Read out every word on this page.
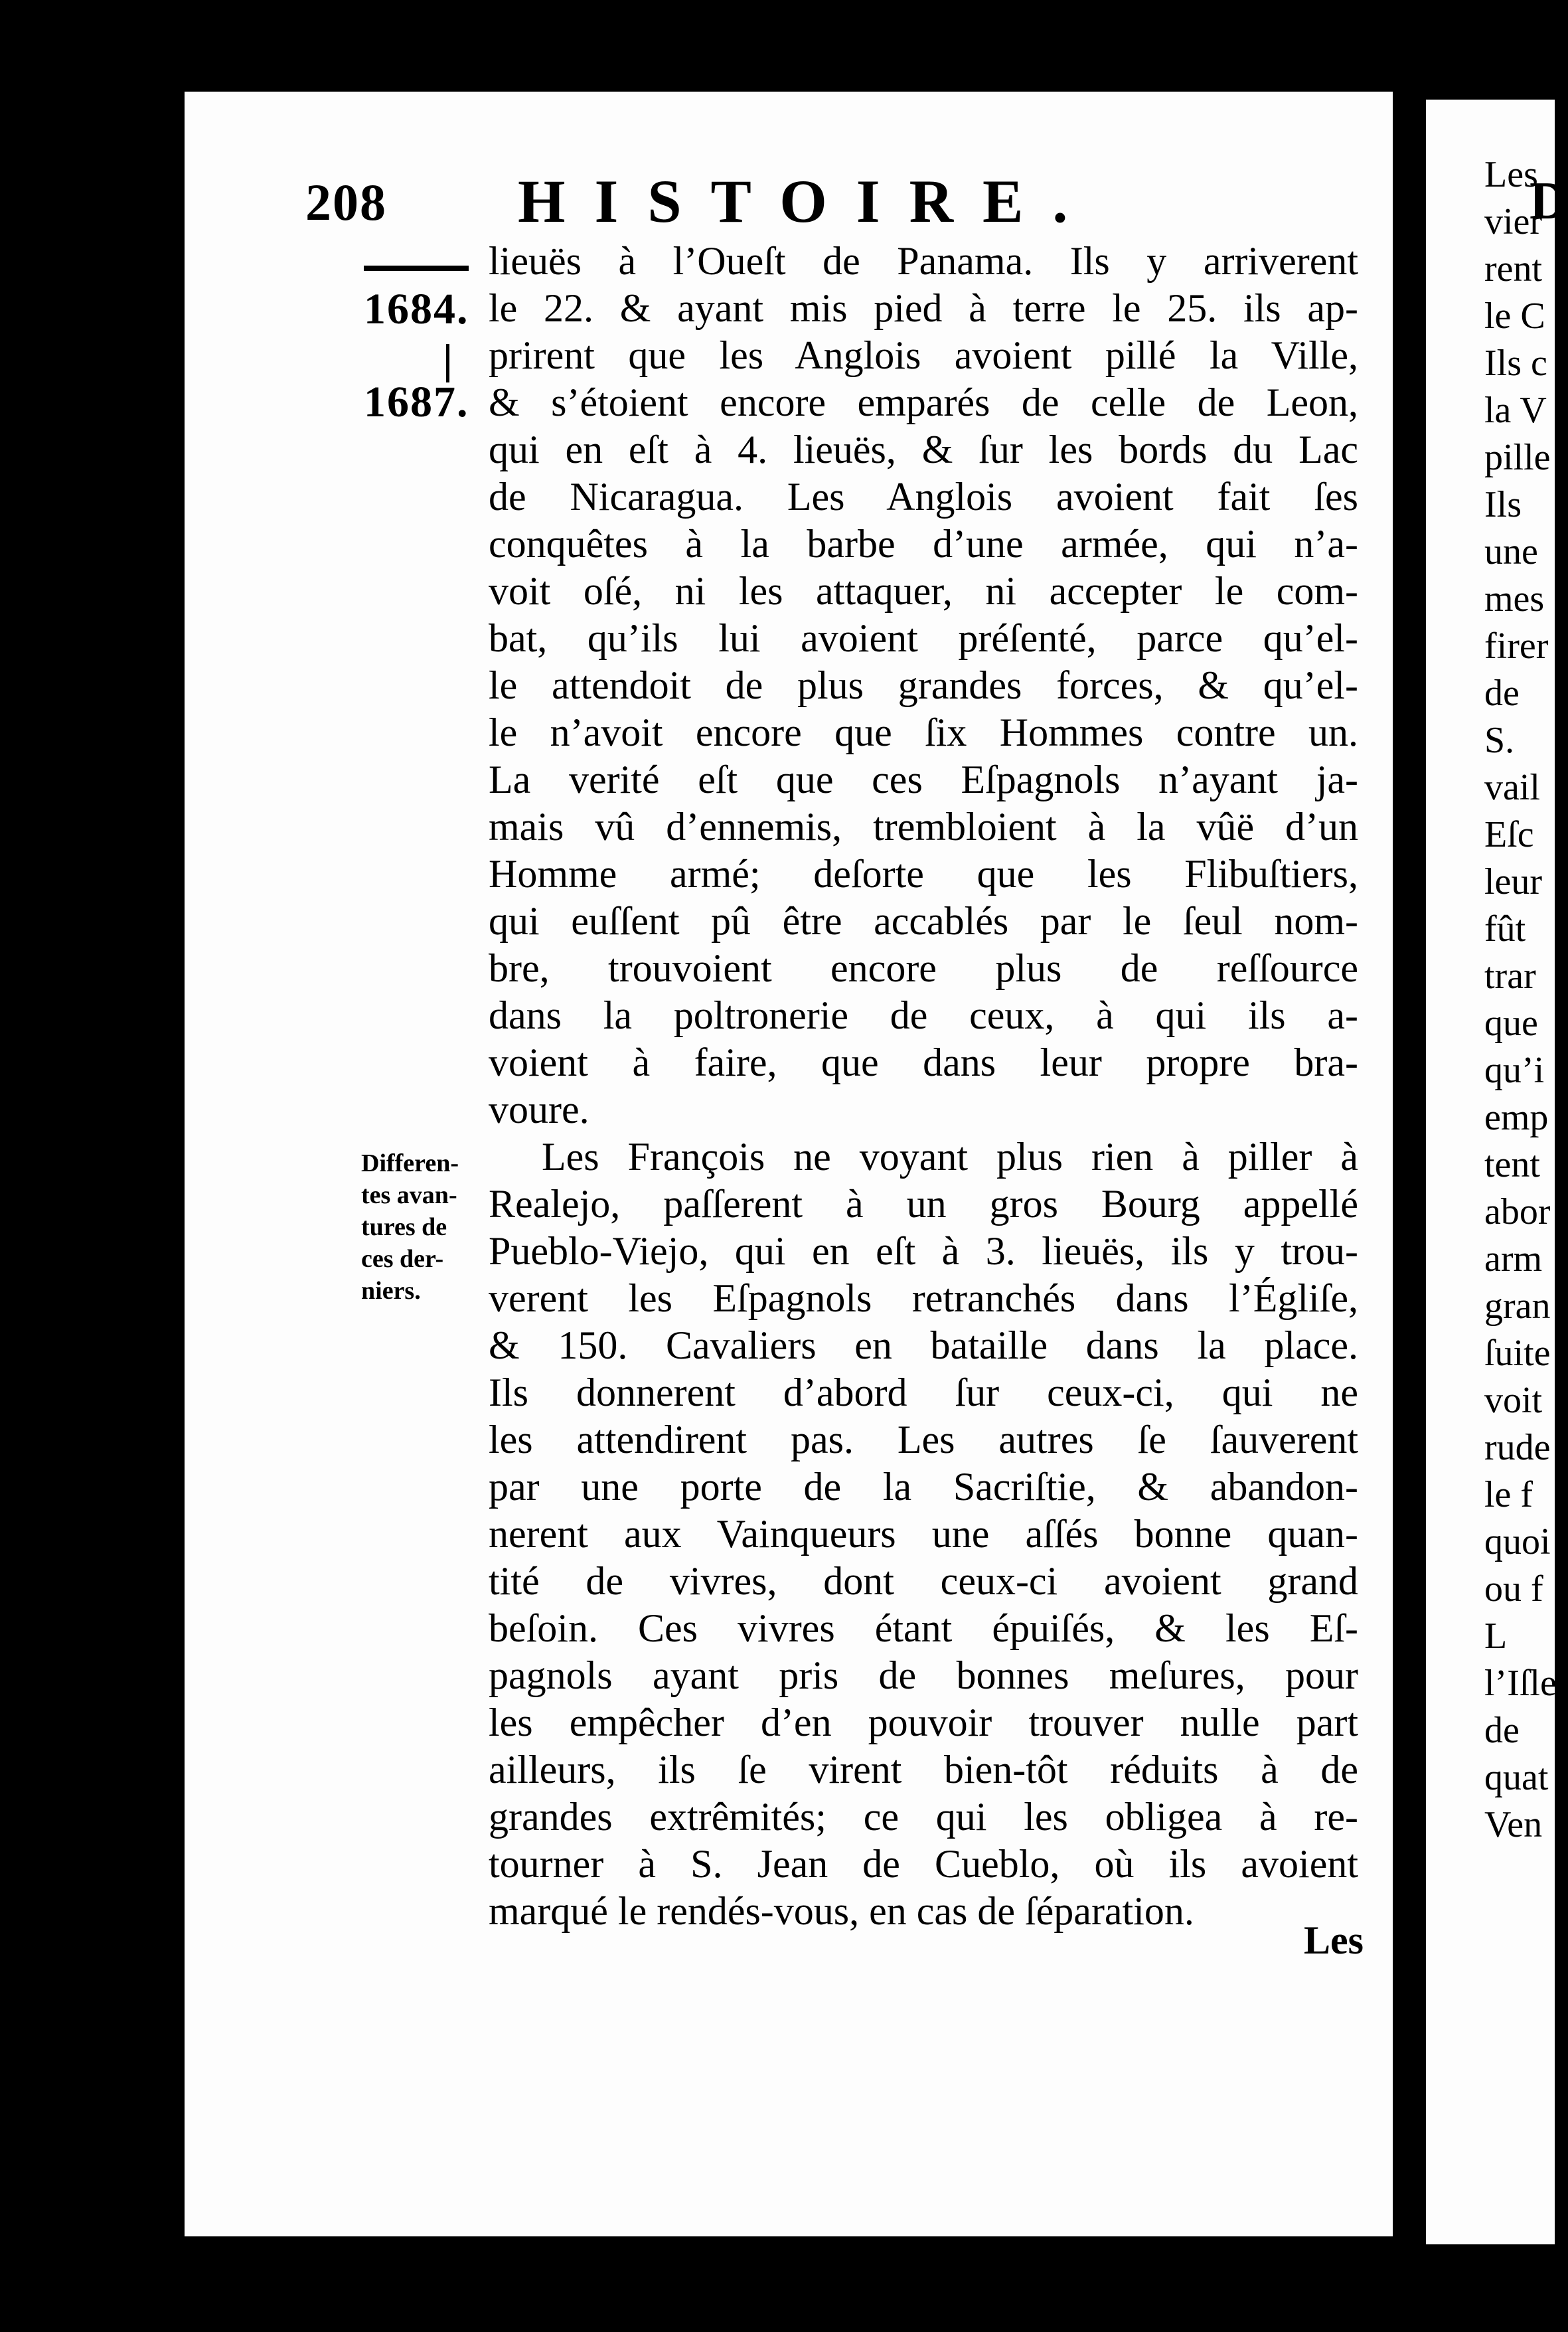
208 HISTOIRE.
1684.
1687.
lieuës à l’Oueſt de Panama. Ils y arriverent
le 22. & ayant mis pied à terre le 25. ils ap-
prirent que les Anglois avoient pillé la Ville,
& s’étoient encore emparés de celle de Leon,
qui en eſt à 4. lieuës, & ſur les bords du Lac
de Nicaragua. Les Anglois avoient fait ſes
conquêtes à la barbe d’une armée, qui n’a-
voit oſé, ni les attaquer, ni accepter le com-
bat, qu’ils lui avoient préſenté, parce qu’el-
le attendoit de plus grandes forces, & qu’el-
le n’avoit encore que ſix Hommes contre un.
La verité eſt que ces Eſpagnols n’ayant ja-
mais vû d’ennemis, trembloient à la vûë d’un
Homme armé; deſorte que les Flibuſtiers,
qui euſſent pû être accablés par le ſeul nom-
bre, trouvoient encore plus de reſſource
dans la poltronerie de ceux, à qui ils a-
voient à faire, que dans leur propre bra-
voure.
Les François ne voyant plus rien à piller à
Realejo, paſſerent à un gros Bourg appellé
Pueblo-Viejo, qui en eſt à 3. lieuës, ils y trou-
verent les Eſpagnols retranchés dans l’Égliſe,
& 150. Cavaliers en bataille dans la place.
Ils donnerent d’abord ſur ceux-ci, qui ne
les attendirent pas. Les autres ſe ſauverent
par une porte de la Sacriſtie, & abandon-
nerent aux Vainqueurs une aſſés bonne quan-
tité de vivres, dont ceux-ci avoient grand
beſoin. Ces vivres étant épuiſés, & les Eſ-
pagnols ayant pris de bonnes meſures, pour
les empêcher d’en pouvoir trouver nulle part
ailleurs, ils ſe virent bien-tôt réduits à de
grandes extrêmités; ce qui les obligea à re-
tourner à S. Jean de Cueblo, où ils avoient
marqué le rendés-vous, en cas de ſéparation.
Differen-
tes avan-
tures de
ces der-
niers.
Les
D
Les
vier
rent
le C
Ils c
la V
pille
Ils
une
mes
firer
de
S.
vail
Eſc
leur
fût
trar
que
qu’i
emp
tent
abor
arm
gran
ſuite
voit
rude
le f
quoi
ou f
L
l’Iſle
de
quat
Ven
